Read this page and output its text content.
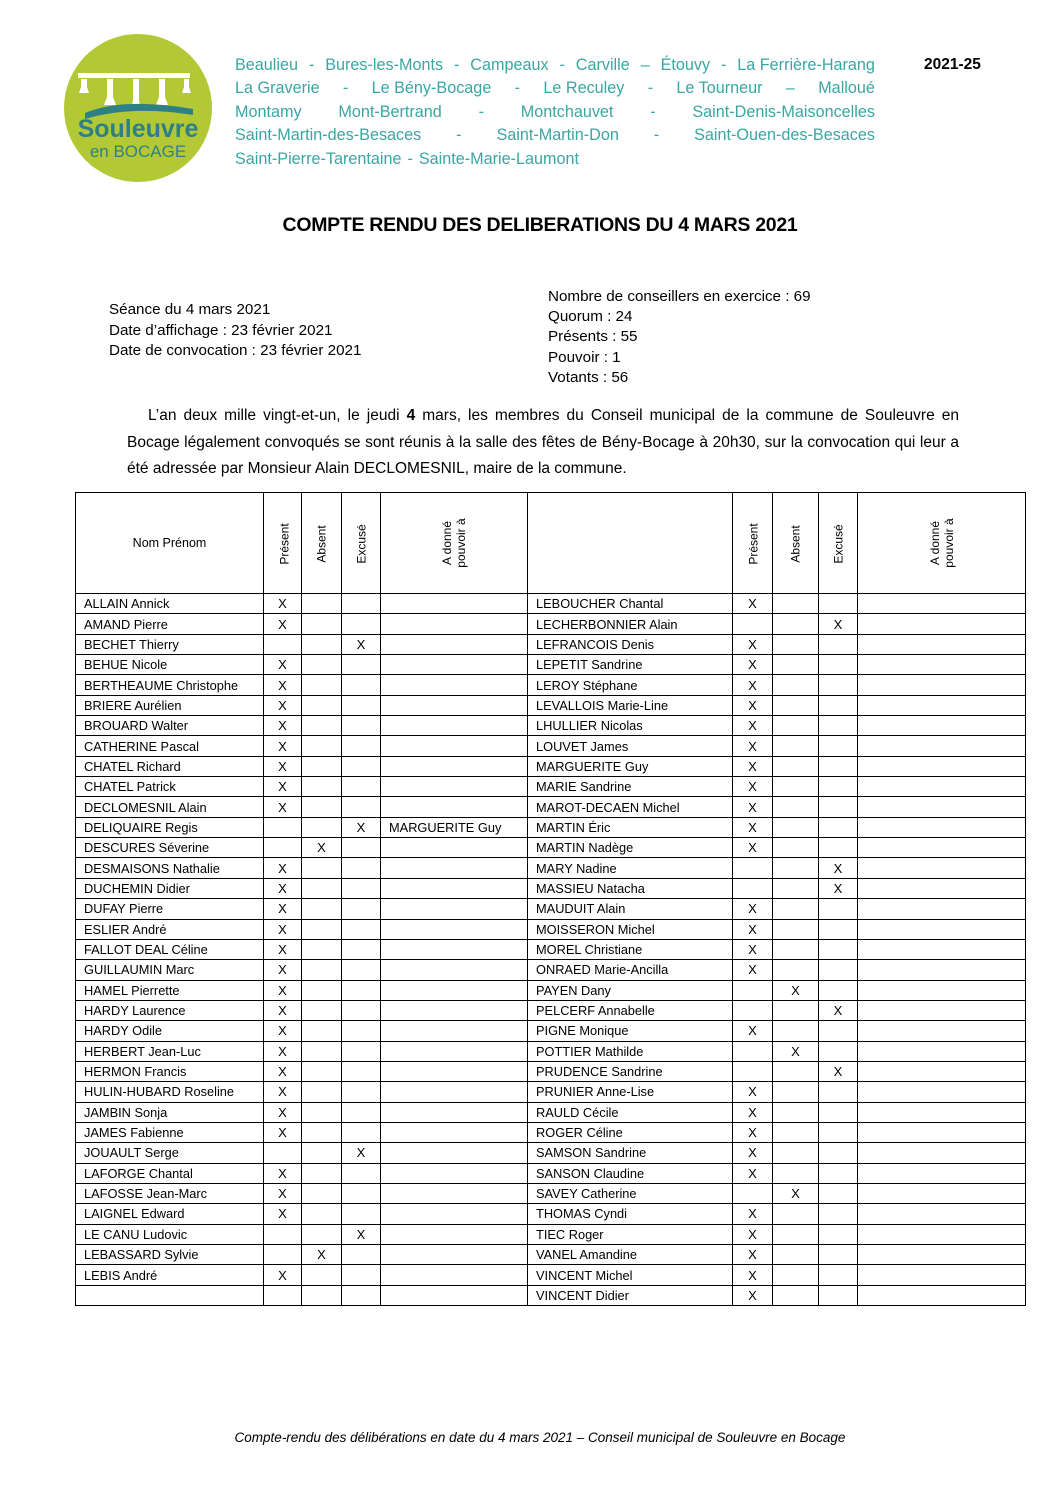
Souleuvre
en BOCAGE
Beaulieu - Bures-les-Monts - Campeaux - Carville – Étouvy - La Ferrière-Harang
La Graverie - Le Bény-Bocage - Le Reculey - Le Tourneur – Malloué
Montamy Mont-Bertrand - Montchauvet - Saint-Denis-Maisoncelles
Saint-Martin-des-Besaces - Saint-Martin-Don - Saint-Ouen-des-Besaces
Saint-Pierre-Tarentaine - Sainte-Marie-Laumont
2021-25
COMPTE RENDU DES DELIBERATIONS DU 4 MARS 2021
Séance du 4 mars 2021
Date d’affichage : 23 février 2021
Date de convocation : 23 février 2021
Nombre de conseillers en exercice : 69
Quorum : 24
Présents : 55
Pouvoir : 1
Votants : 56
L’an deux mille vingt-et-un, le jeudi 4 mars, les membres du Conseil municipal de la commune de Souleuvre en Bocage légalement convoqués se sont réunis à la salle des fêtes de Bény-Bocage à 20h30, sur la convocation qui leur a été adressée par Monsieur Alain DECLOMESNIL, maire de la commune.
Nom Prénom	Présent	Absent	Excusé	A donné pouvoir à		Présent	Absent	Excusé	A donné pouvoir à
ALLAIN Annick	X				LEBOUCHER Chantal	X			
AMAND Pierre	X				LECHERBONNIER Alain			X	
BECHET Thierry			X		LEFRANCOIS Denis	X			
BEHUE Nicole	X				LEPETIT Sandrine	X			
BERTHEAUME Christophe	X				LEROY Stéphane	X			
BRIERE Aurélien	X				LEVALLOIS Marie-Line	X			
BROUARD Walter	X				LHULLIER Nicolas	X			
CATHERINE Pascal	X				LOUVET James	X			
CHATEL Richard	X				MARGUERITE Guy	X			
CHATEL Patrick	X				MARIE Sandrine	X			
DECLOMESNIL Alain	X				MAROT-DECAEN Michel	X			
DELIQUAIRE Regis			X	MARGUERITE Guy	MARTIN Éric	X			
DESCURES Séverine		X			MARTIN Nadège	X			
DESMAISONS Nathalie	X				MARY Nadine			X	
DUCHEMIN Didier	X				MASSIEU Natacha			X	
DUFAY Pierre	X				MAUDUIT Alain	X			
ESLIER André	X				MOISSERON Michel	X			
FALLOT DEAL Céline	X				MOREL Christiane	X			
GUILLAUMIN Marc	X				ONRAED Marie-Ancilla	X			
HAMEL Pierrette	X				PAYEN Dany		X		
HARDY Laurence	X				PELCERF Annabelle			X	
HARDY Odile	X				PIGNE Monique	X			
HERBERT Jean-Luc	X				POTTIER Mathilde		X		
HERMON Francis	X				PRUDENCE Sandrine			X	
HULIN-HUBARD Roseline	X				PRUNIER Anne-Lise	X			
JAMBIN Sonja	X				RAULD Cécile	X			
JAMES Fabienne	X				ROGER Céline	X			
JOUAULT Serge			X		SAMSON Sandrine	X			
LAFORGE Chantal	X				SANSON Claudine	X			
LAFOSSE Jean-Marc	X				SAVEY Catherine		X		
LAIGNEL Edward	X				THOMAS Cyndi	X			
LE CANU Ludovic			X		TIEC Roger	X			
LEBASSARD Sylvie		X			VANEL Amandine	X			
LEBIS André	X				VINCENT Michel	X			
					VINCENT Didier	X			
Compte-rendu des délibérations en date du 4 mars 2021 – Conseil municipal de Souleuvre en Bocage
